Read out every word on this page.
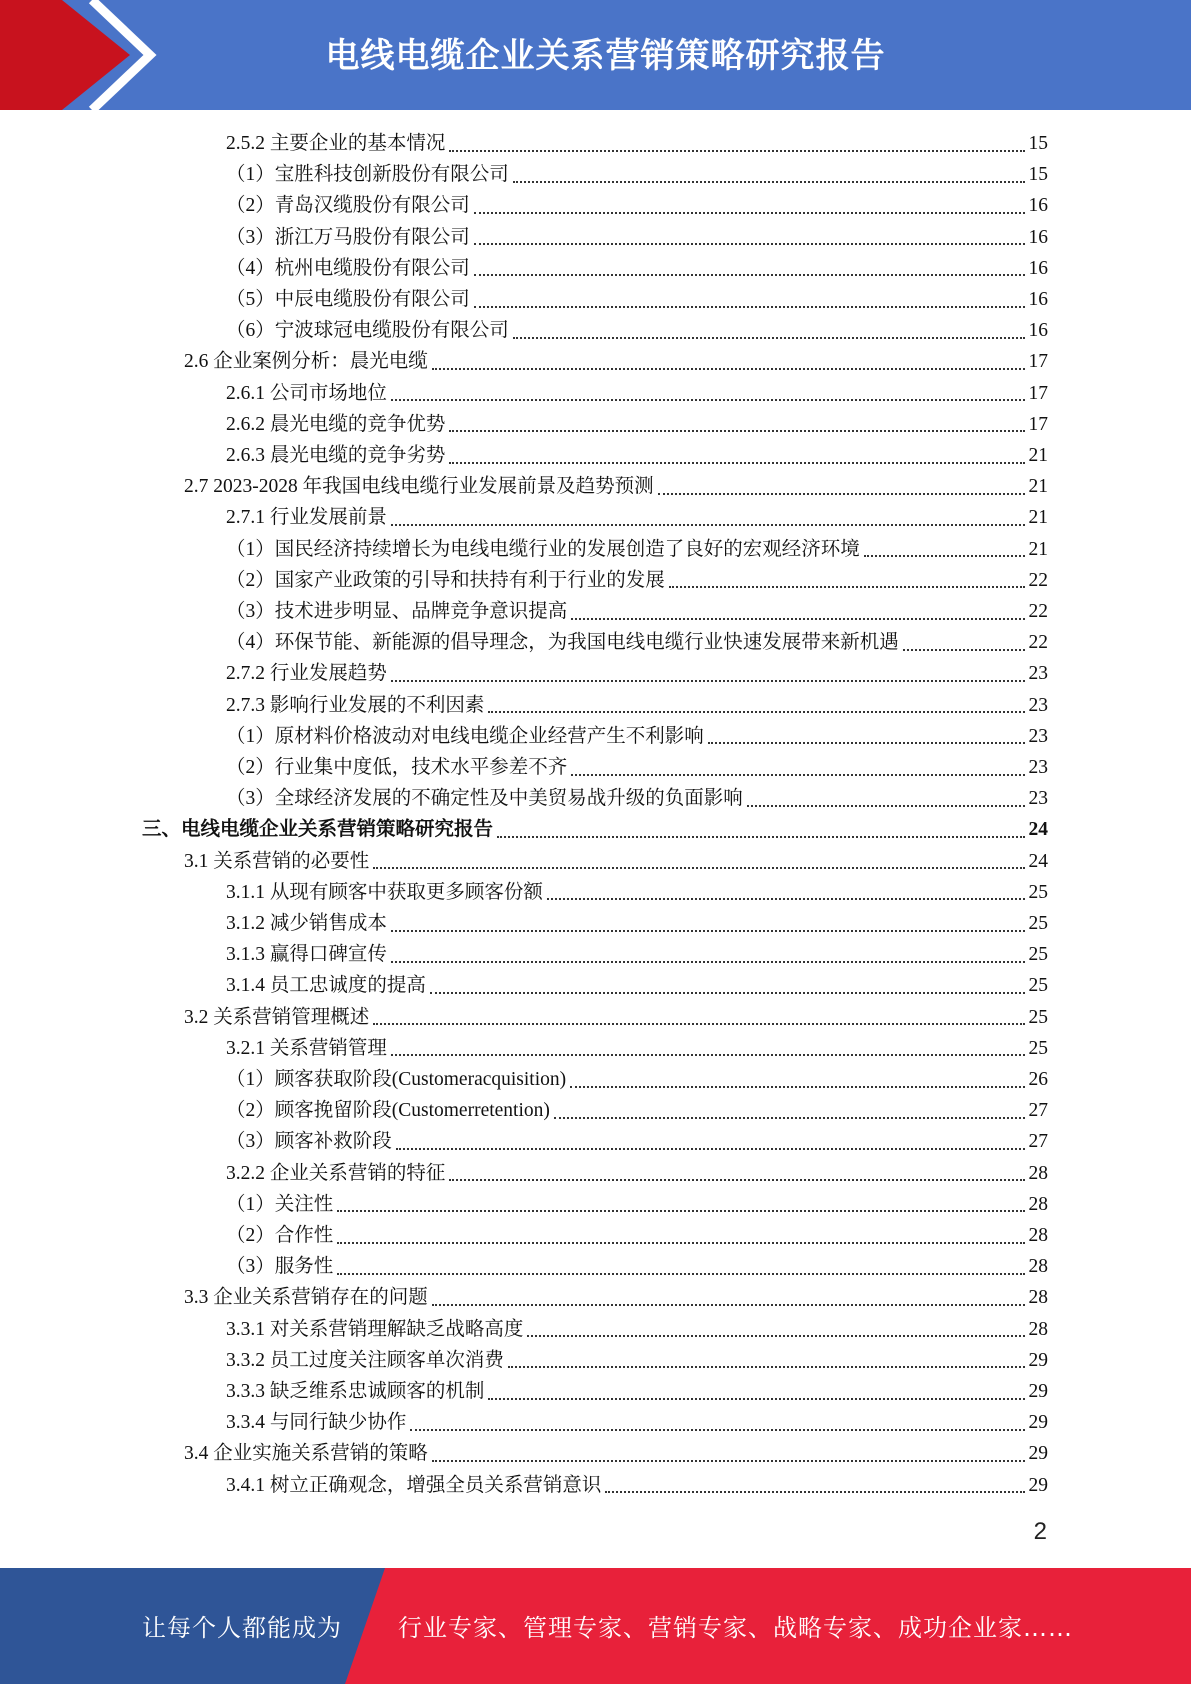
电线电缆企业关系营销策略研究报告
2.5.2 主要企业的基本情况	15
（1）宝胜科技创新股份有限公司	15
（2）青岛汉缆股份有限公司	16
（3）浙江万马股份有限公司	16
（4）杭州电缆股份有限公司	16
（5）中辰电缆股份有限公司	16
（6）宁波球冠电缆股份有限公司	16
2.6 企业案例分析：晨光电缆	17
2.6.1 公司市场地位	17
2.6.2 晨光电缆的竞争优势	17
2.6.3 晨光电缆的竞争劣势	21
2.7 2023-2028 年我国电线电缆行业发展前景及趋势预测	21
2.7.1 行业发展前景	21
（1）国民经济持续增长为电线电缆行业的发展创造了良好的宏观经济环境	21
（2）国家产业政策的引导和扶持有利于行业的发展	22
（3）技术进步明显、品牌竞争意识提高	22
（4）环保节能、新能源的倡导理念，为我国电线电缆行业快速发展带来新机遇	22
2.7.2 行业发展趋势	23
2.7.3 影响行业发展的不利因素	23
（1）原材料价格波动对电线电缆企业经营产生不利影响	23
（2）行业集中度低，技术水平参差不齐	23
（3）全球经济发展的不确定性及中美贸易战升级的负面影响	23
三、电线电缆企业关系营销策略研究报告	24
3.1 关系营销的必要性	24
3.1.1 从现有顾客中获取更多顾客份额	25
3.1.2 减少销售成本	25
3.1.3 赢得口碑宣传	25
3.1.4 员工忠诚度的提高	25
3.2 关系营销管理概述	25
3.2.1 关系营销管理	25
（1）顾客获取阶段(Customeracquisition)	26
（2）顾客挽留阶段(Customerretention)	27
（3）顾客补救阶段	27
3.2.2 企业关系营销的特征	28
（1）关注性	28
（2）合作性	28
（3）服务性	28
3.3 企业关系营销存在的问题	28
3.3.1 对关系营销理解缺乏战略高度	28
3.3.2 员工过度关注顾客单次消费	29
3.3.3 缺乏维系忠诚顾客的机制	29
3.3.4 与同行缺少协作	29
3.4 企业实施关系营销的策略	29
3.4.1 树立正确观念，增强全员关系营销意识	29
2
让每个人都能成为 行业专家、管理专家、营销专家、战略专家、成功企业家……
